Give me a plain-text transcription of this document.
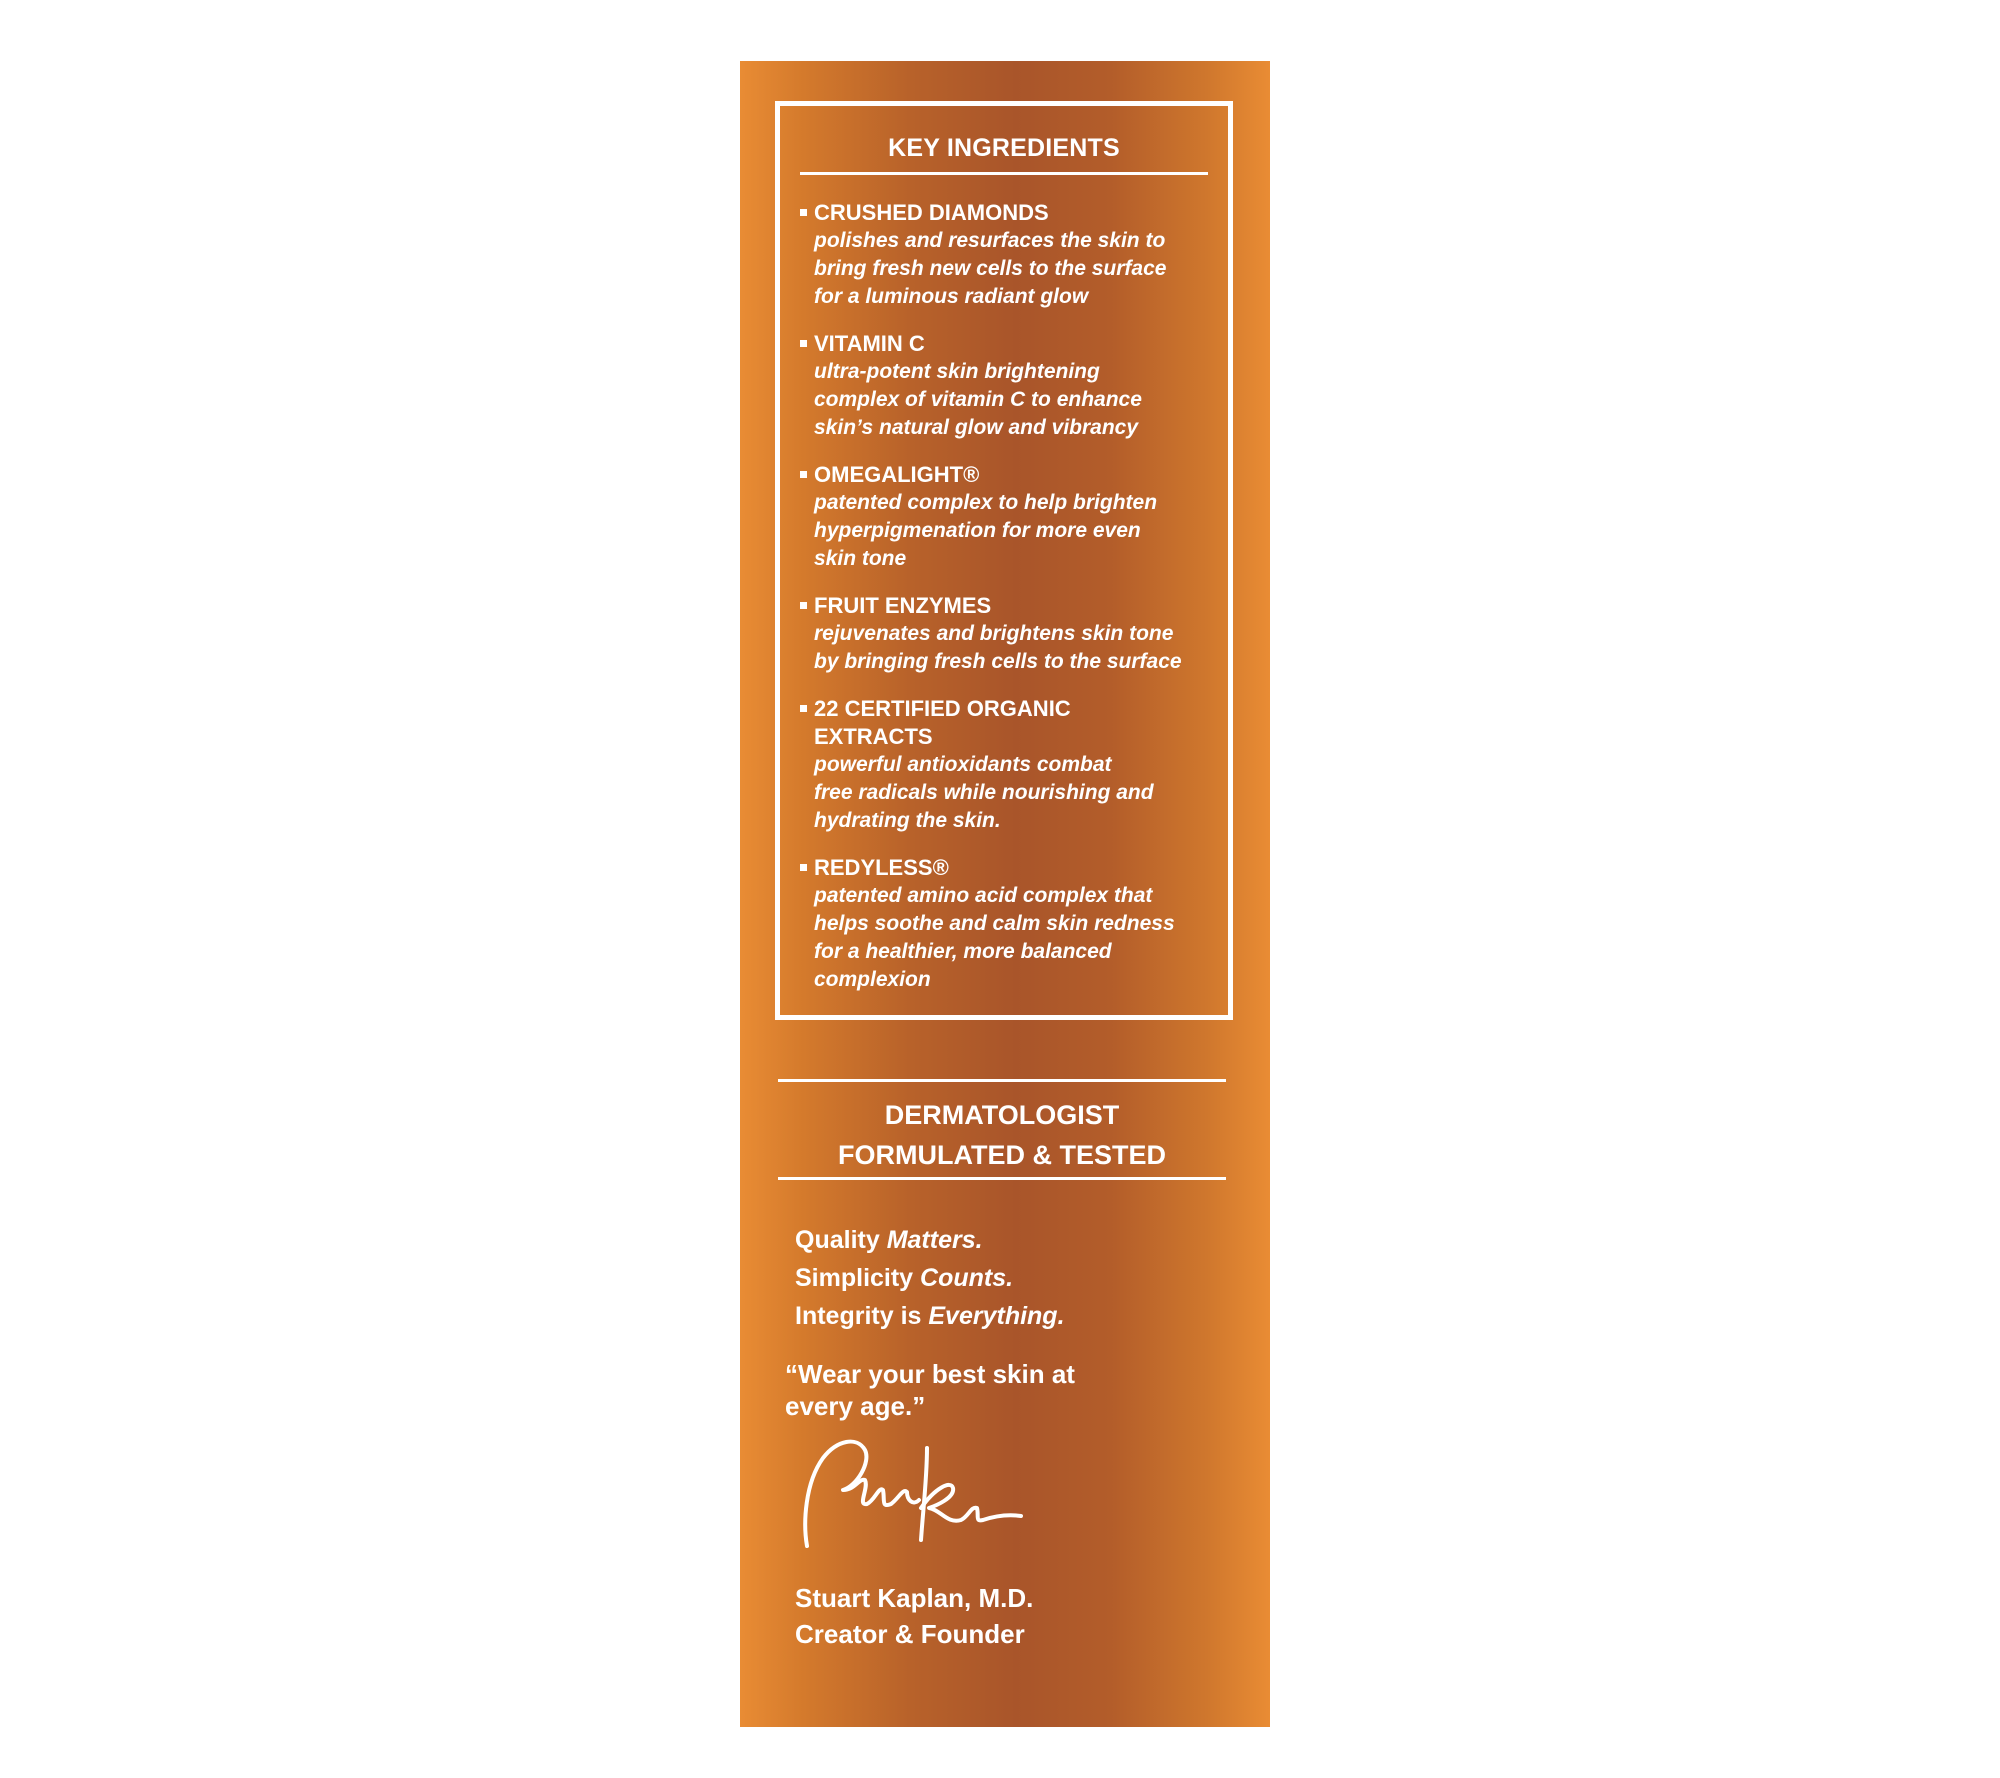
KEY INGREDIENTS
CRUSHED DIAMONDS
polishes and resurfaces the skin to
bring fresh new cells to the surface
for a luminous radiant glow
VITAMIN C
ultra-potent skin brightening
complex of vitamin C to enhance
skin’s natural glow and vibrancy
OMEGALIGHT®
patented complex to help brighten
hyperpigmenation for more even
skin tone
FRUIT ENZYMES
rejuvenates and brightens skin tone
by bringing fresh cells to the surface
22 CERTIFIED ORGANIC
EXTRACTS
powerful antioxidants combat
free radicals while nourishing and
hydrating the skin.
REDYLESS®
patented amino acid complex that
helps soothe and calm skin redness
for a healthier, more balanced
complexion
DERMATOLOGIST
FORMULATED & TESTED
Quality Matters.
Simplicity Counts.
Integrity is Everything.
“Wear your best skin at
every age.”
Stuart Kaplan, M.D.
Creator & Founder
